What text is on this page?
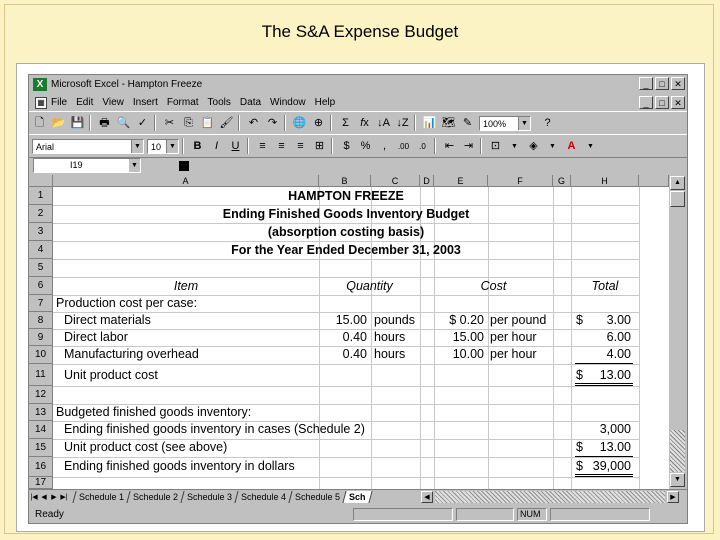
The S&A Expense Budget
X Microsoft Excel - Hampton Freeze	_	□	✕
▦ File Edit View Insert Format Tools Data Window Help	_	□	✕
🗋 📂 💾 🖶 🔍 ✓	✂ ⎘ 📋 🖌	↶ ↷	🌐 ⊕	Σ	fx ↓A ↓Z 📊 🗺 ✎	100%	▼	?
Arial	▼	10	▼	B	I	U	≡	≡	≡	⊞	$	%	,	.00	.0	⇤ ⇥	⊡	▼	◈	▼	A	▼
I19	▼
A	B	C	D	E	F	G	H
1
2
3
4
5
6
7
8
9
10
11
12
13
14
15
16
17
HAMPTON FREEZE
Ending Finished Goods Inventory Budget
(absorption costing basis)
For the Year Ended December 31, 2003
Item	Quantity	Cost	Total
Production cost per case:
Direct materials	15.00 pounds	$ 0.20 per pound $	3.00
Direct labor	0.40 hours	15.00 per hour	6.00
Manufacturing overhead	0.40 hours	10.00 per hour	4.00
Unit product cost	$	13.00
Budgeted finished goods inventory:
Ending finished goods inventory in cases (Schedule 2)	3,000
Unit product cost (see above)	$	13.00
Ending finished goods inventory in dollars	$ 39,000
▲
▼
|◀ ◀ ▶ ▶|	Schedule 1	Schedule 2	Schedule 3	Schedule 4	Schedule 5	Sch	◀	▶
Ready	NUM
